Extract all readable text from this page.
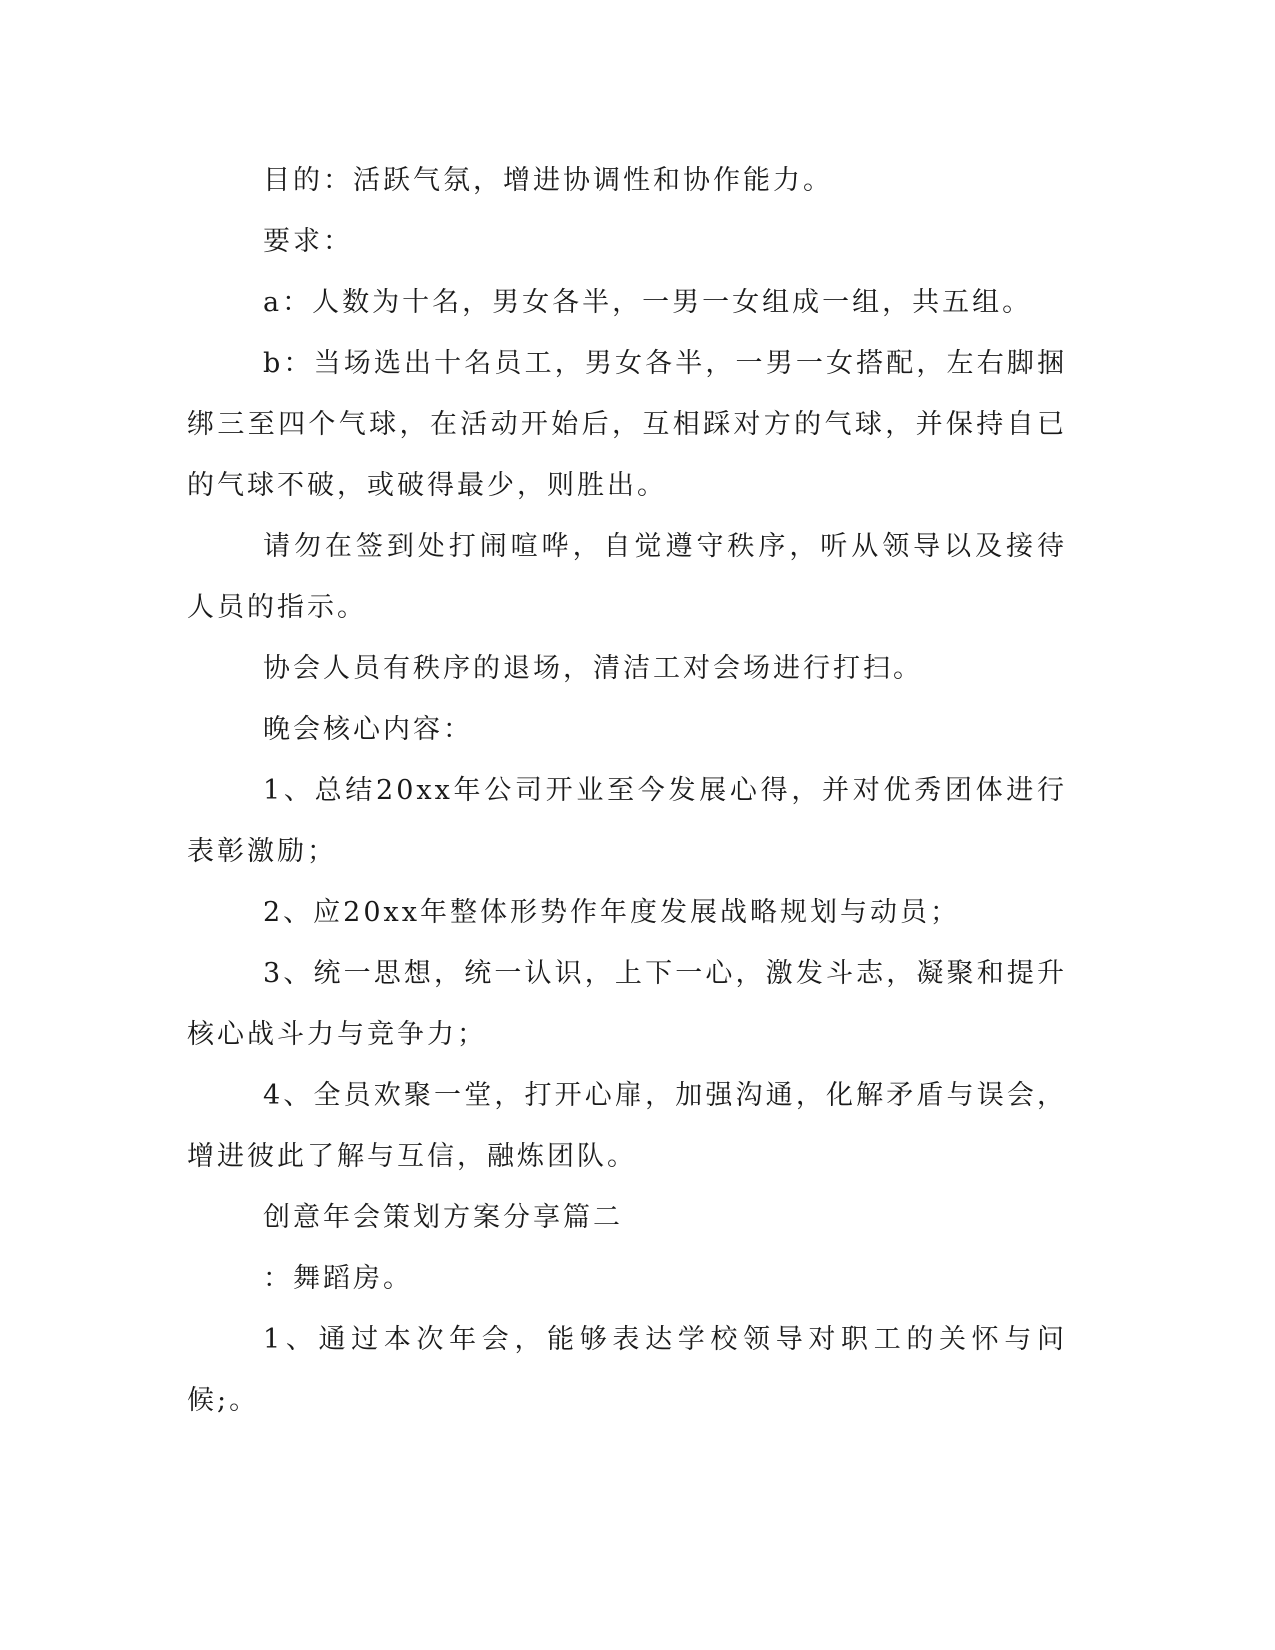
目的：活跃气氛，增进协调性和协作能力。

要求：

a：人数为十名，男女各半，一男一女组成一组，共五组。

b：当场选出十名员工，男女各半，一男一女搭配，左右脚捆绑三至四个气球，在活动开始后，互相踩对方的气球，并保持自已的气球不破，或破得最少，则胜出。

请勿在签到处打闹喧哗，自觉遵守秩序，听从领导以及接待人员的指示。

协会人员有秩序的退场，清洁工对会场进行打扫。

晚会核心内容：

1、总结20xx年公司开业至今发展心得，并对优秀团体进行表彰激励；

2、应20xx年整体形势作年度发展战略规划与动员；

3、统一思想，统一认识，上下一心，激发斗志，凝聚和提升核心战斗力与竞争力；

4、全员欢聚一堂，打开心扉，加强沟通，化解矛盾与误会，增进彼此了解与互信，融炼团队。

创意年会策划方案分享篇二

：舞蹈房。

1、通过本次年会，能够表达学校领导对职工的关怀与问候;。
